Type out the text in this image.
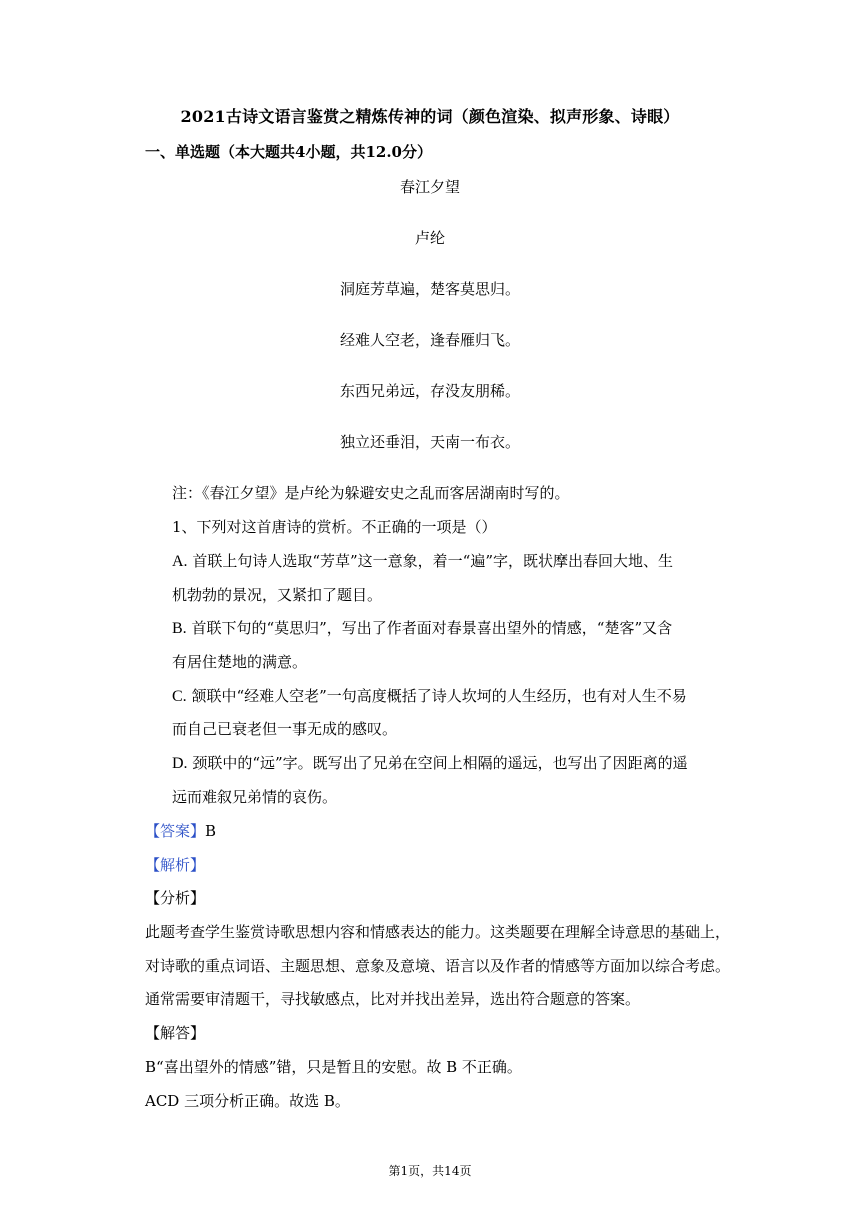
2021古诗文语言鉴赏之精炼传神的词（颜色渲染、拟声形象、诗眼）
一、单选题（本大题共4小题，共12.0分）
春江夕望
卢纶
洞庭芳草遍，楚客莫思归。
经难人空老，逢春雁归飞。
东西兄弟远，存没友朋稀。
独立还垂泪，天南一布衣。
注：《春江夕望》是卢纶为躲避安史之乱而客居湖南时写的。
1、下列对这首唐诗的赏析。不正确的一项是（）
A. 首联上句诗人选取“芳草”这一意象，着一“遍”字，既状摩出春回大地、生
机勃勃的景况，又紧扣了题目。
B. 首联下句的“莫思归”，写出了作者面对春景喜出望外的情感，“楚客”又含
有居住楚地的满意。
C. 颔联中“经难人空老”一句高度概括了诗人坎坷的人生经历，也有对人生不易
而自己已衰老但一事无成的感叹。
D. 颈联中的“远”字。既写出了兄弟在空间上相隔的遥远，也写出了因距离的遥
远而难叙兄弟情的哀伤。
【答案】B
【解析】
【分析】
此题考查学生鉴赏诗歌思想内容和情感表达的能力。这类题要在理解全诗意思的基础上，
对诗歌的重点词语、主题思想、意象及意境、语言以及作者的情感等方面加以综合考虑。
通常需要审清题干，寻找敏感点，比对并找出差异，选出符合题意的答案。
【解答】
B“喜出望外的情感”错，只是暂且的安慰。故 B 不正确。
ACD 三项分析正确。故选 B。
第1页，共14页
